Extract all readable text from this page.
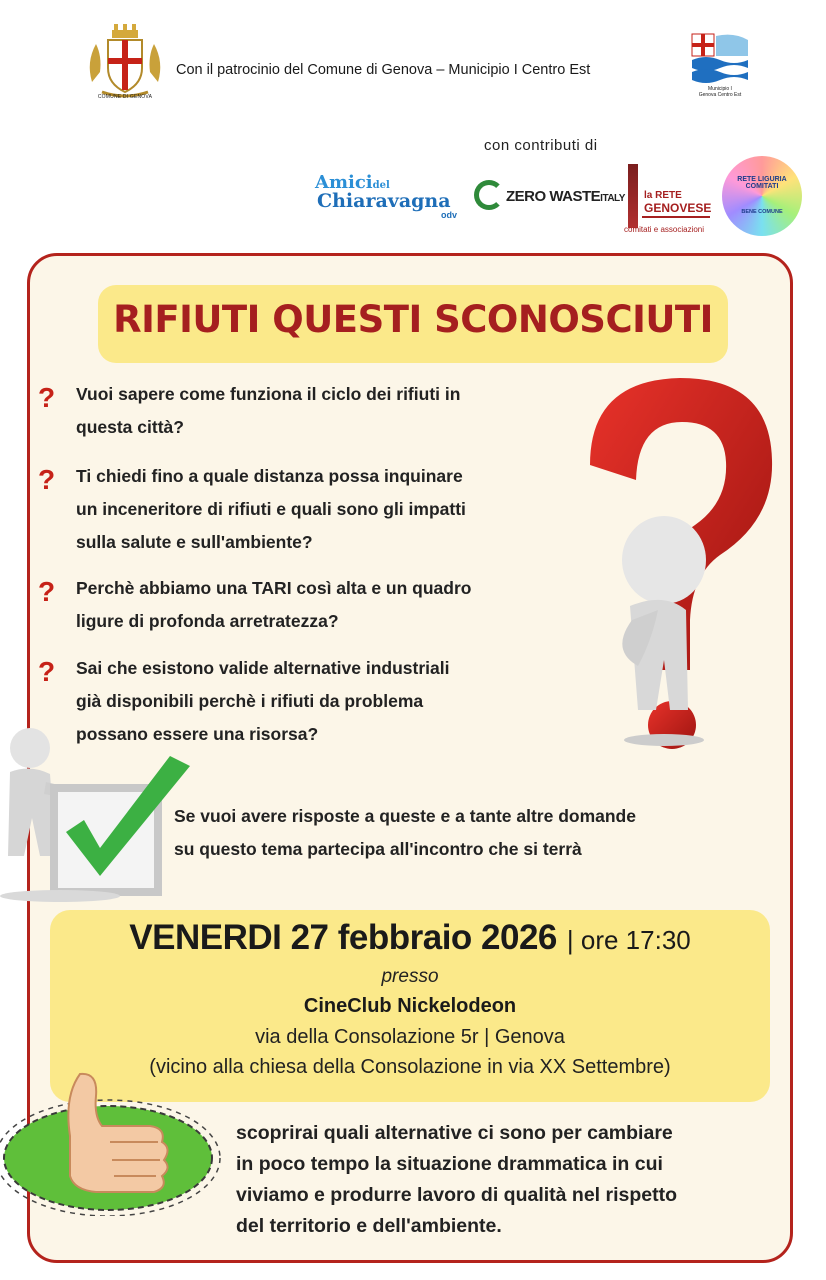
COMUNE DI GENOVA
Con il patrocinio del Comune di Genova – Municipio I Centro Est
Municipio I
Genova Centro Est
con contributi di
Amicidel
Chiaravagna
odv
ZERO WASTEITALY la RETE
GENOVESE
comitati e associazioni
RETE LIGURIA COMITATI
BENE COMUNE
RIFIUTI QUESTI SCONOSCIUTI
? Vuoi sapere come funziona il ciclo dei rifiuti in
questa città?
? Ti chiedi fino a quale distanza possa inquinare
un inceneritore di rifiuti e quali sono gli impatti
sulla salute e sull'ambiente?
? Perchè abbiamo una TARI così alta e un quadro
ligure di profonda arretratezza?
? Sai che esistono valide alternative industriali
già disponibili perchè i rifiuti da problema
possano essere una risorsa?
Se vuoi avere risposte a queste e a tante altre domande
su questo tema partecipa all'incontro che si terrà
VENERDI 27 febbraio 2026 | ore 17:30
presso
CineClub Nickelodeon
via della Consolazione 5r | Genova
(vicino alla chiesa della Consolazione in via XX Settembre)
scoprirai quali alternative ci sono per cambiare
in poco tempo la situazione drammatica in cui
viviamo e produrre lavoro di qualità nel rispetto
del territorio e dell'ambiente.
